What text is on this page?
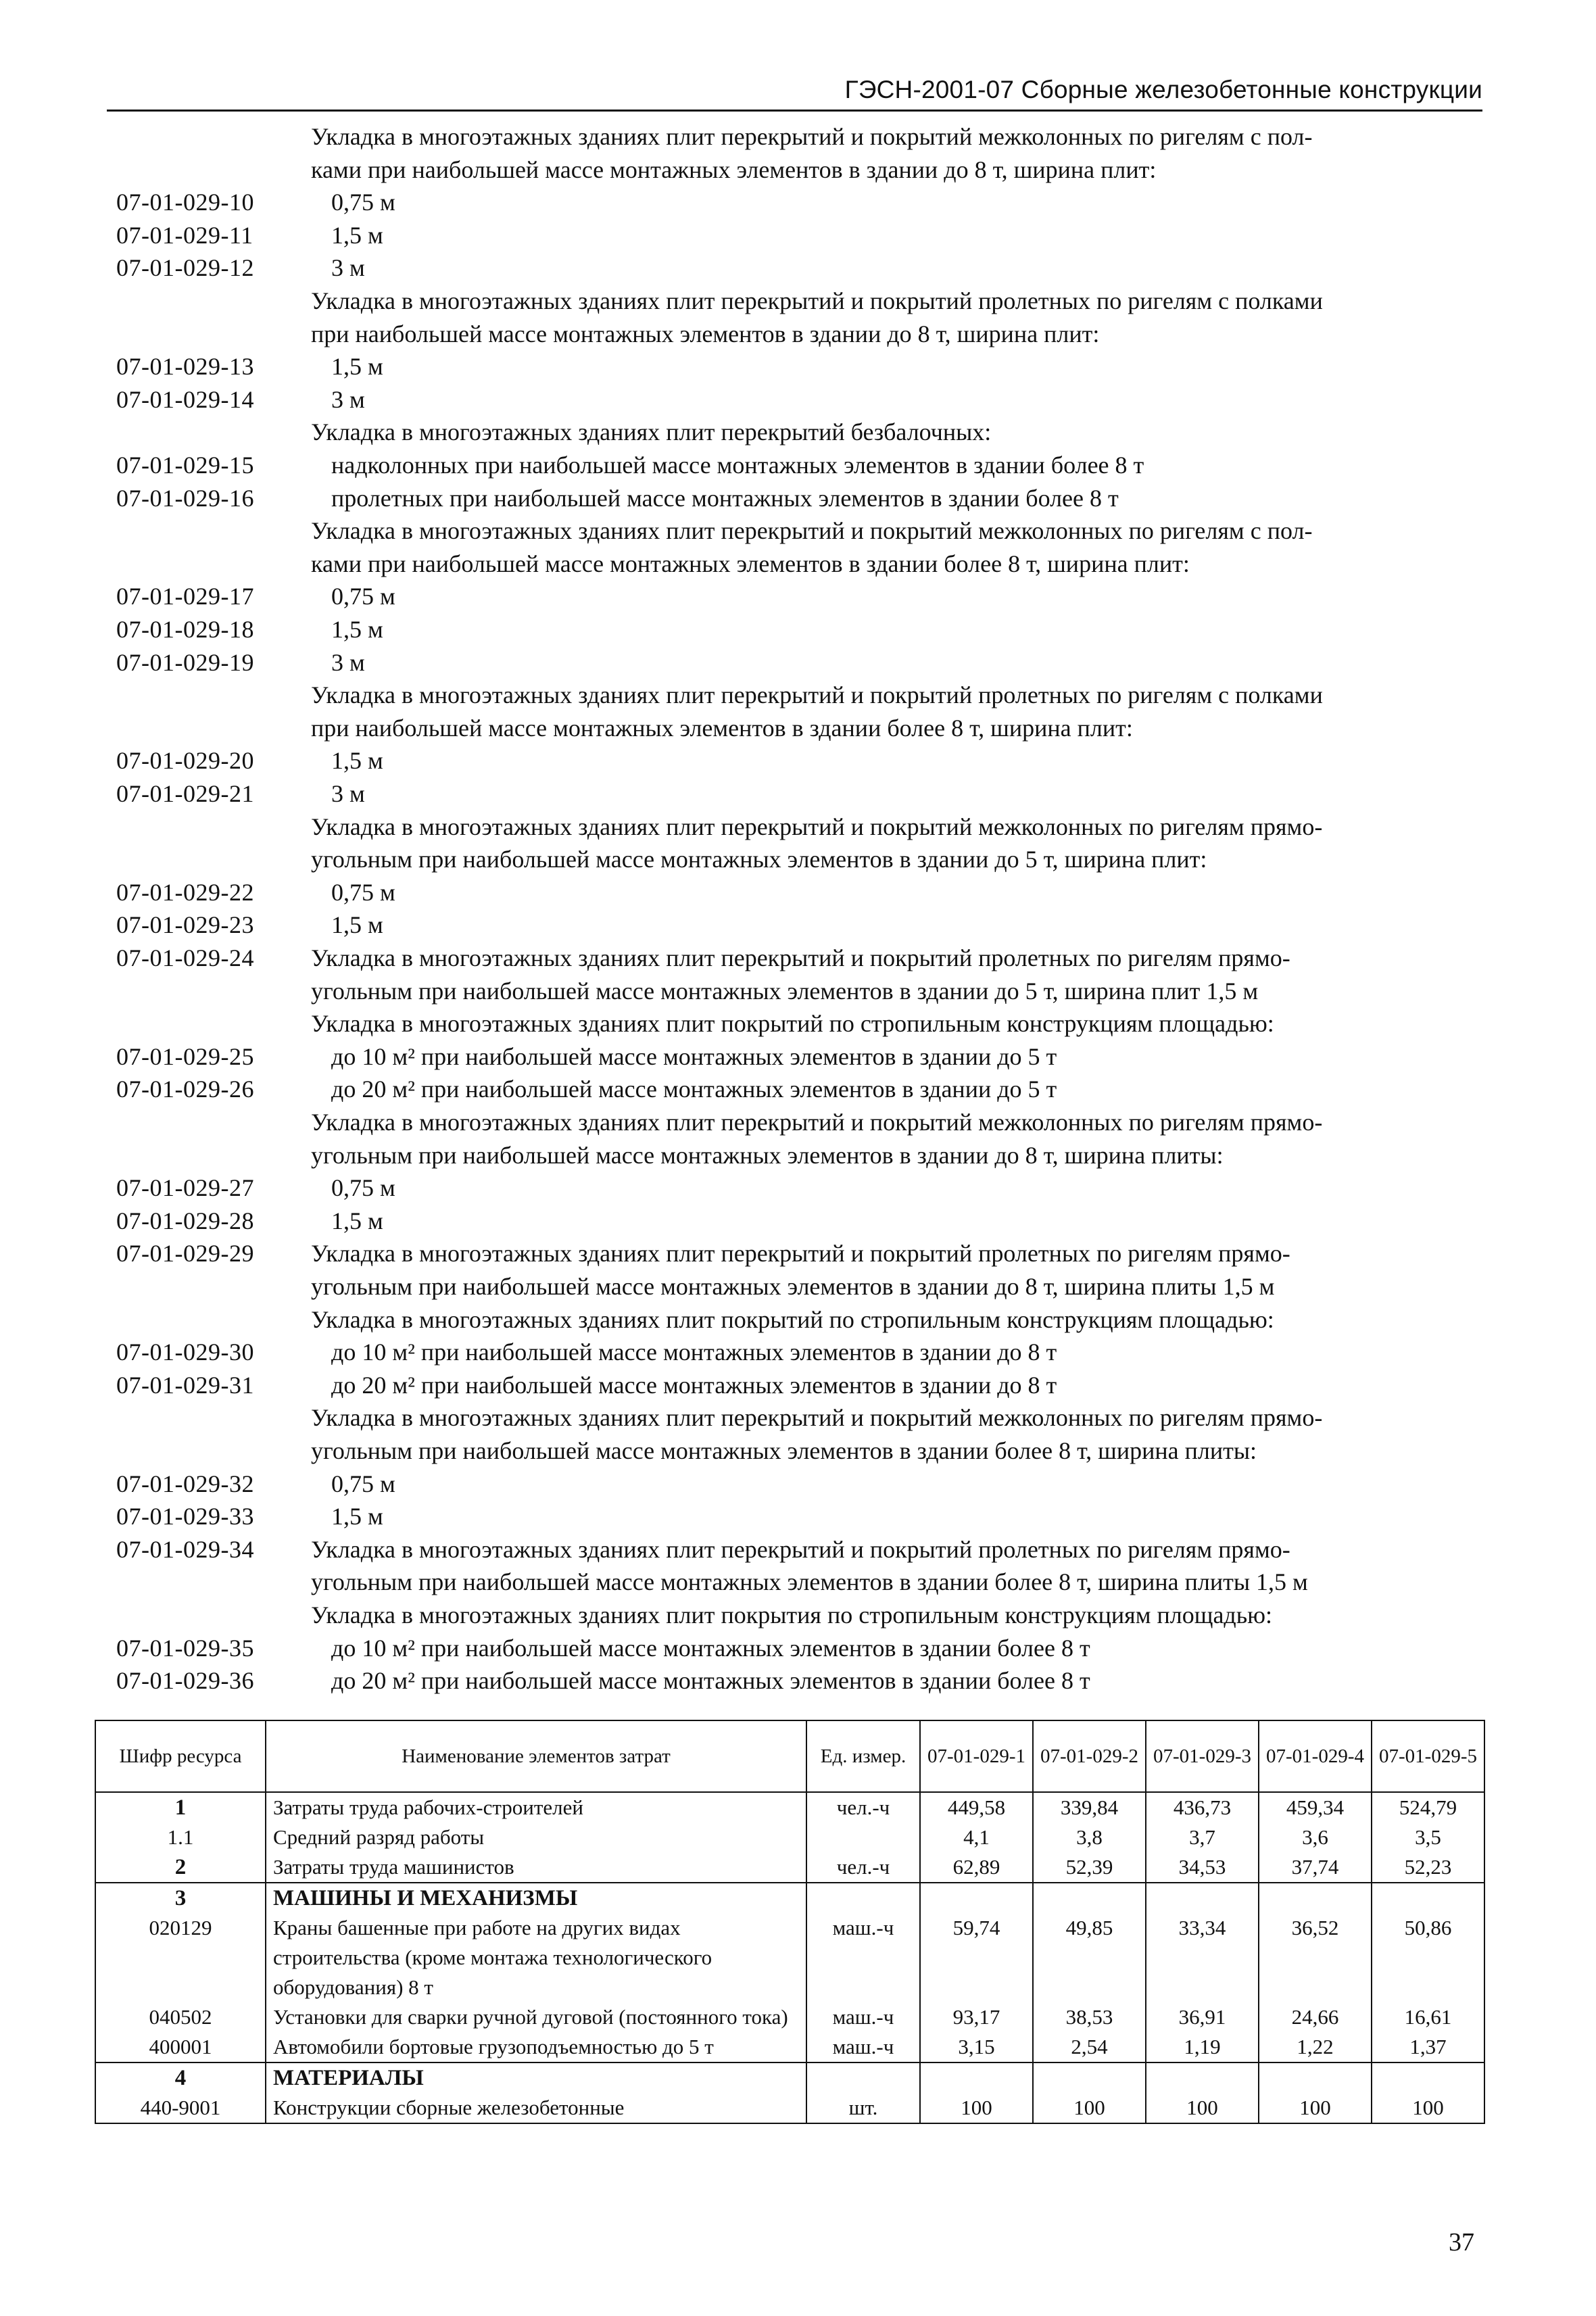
ГЭСН-2001-07 Сборные железобетонные конструкции
Укладка в многоэтажных зданиях плит перекрытий и покрытий межколонных по ригелям с пол-
ками при наибольшей массе монтажных элементов в здании до 8 т, ширина плит:
07-01-029-10	0,75 м
07-01-029-11	1,5 м
07-01-029-12	3 м
Укладка в многоэтажных зданиях плит перекрытий и покрытий пролетных по ригелям с полками
при наибольшей массе монтажных элементов в здании до 8 т, ширина плит:
07-01-029-13	1,5 м
07-01-029-14	3 м
Укладка в многоэтажных зданиях плит перекрытий безбалочных:
07-01-029-15	надколонных при наибольшей массе монтажных элементов в здании более 8 т
07-01-029-16	пролетных при наибольшей массе монтажных элементов в здании более 8 т
Укладка в многоэтажных зданиях плит перекрытий и покрытий межколонных по ригелям с пол-
ками при наибольшей массе монтажных элементов в здании более 8 т, ширина плит:
07-01-029-17	0,75 м
07-01-029-18	1,5 м
07-01-029-19	3 м
Укладка в многоэтажных зданиях плит перекрытий и покрытий пролетных по ригелям с полками
при наибольшей массе монтажных элементов в здании более 8 т, ширина плит:
07-01-029-20	1,5 м
07-01-029-21	3 м
Укладка в многоэтажных зданиях плит перекрытий и покрытий межколонных по ригелям прямо-
угольным при наибольшей массе монтажных элементов в здании до 5 т, ширина плит:
07-01-029-22	0,75 м
07-01-029-23	1,5 м
07-01-029-24	Укладка в многоэтажных зданиях плит перекрытий и покрытий пролетных по ригелям прямо-
угольным при наибольшей массе монтажных элементов в здании до 5 т, ширина плит 1,5 м
Укладка в многоэтажных зданиях плит покрытий по стропильным конструкциям площадью:
07-01-029-25	до 10 м² при наибольшей массе монтажных элементов в здании до 5 т
07-01-029-26	до 20 м² при наибольшей массе монтажных элементов в здании до 5 т
Укладка в многоэтажных зданиях плит перекрытий и покрытий межколонных по ригелям прямо-
угольным при наибольшей массе монтажных элементов в здании до 8 т, ширина плиты:
07-01-029-27	0,75 м
07-01-029-28	1,5 м
07-01-029-29	Укладка в многоэтажных зданиях плит перекрытий и покрытий пролетных по ригелям прямо-
угольным при наибольшей массе монтажных элементов в здании до 8 т, ширина плиты 1,5 м
Укладка в многоэтажных зданиях плит покрытий по стропильным конструкциям площадью:
07-01-029-30	до 10 м² при наибольшей массе монтажных элементов в здании до 8 т
07-01-029-31	до 20 м² при наибольшей массе монтажных элементов в здании до 8 т
Укладка в многоэтажных зданиях плит перекрытий и покрытий межколонных по ригелям прямо-
угольным при наибольшей массе монтажных элементов в здании более 8 т, ширина плиты:
07-01-029-32	0,75 м
07-01-029-33	1,5 м
07-01-029-34	Укладка в многоэтажных зданиях плит перекрытий и покрытий пролетных по ригелям прямо-
угольным при наибольшей массе монтажных элементов в здании более 8 т, ширина плиты 1,5 м
Укладка в многоэтажных зданиях плит покрытия по стропильным конструкциям площадью:
07-01-029-35	до 10 м² при наибольшей массе монтажных элементов в здании более 8 т
07-01-029-36	до 20 м² при наибольшей массе монтажных элементов в здании более 8 т
Шифр ресурса	Наименование элементов затрат	Ед. измер.	07-01-029-1	07-01-029-2	07-01-029-3	07-01-029-4	07-01-029-5
1	Затраты труда рабочих-строителей	чел.-ч	449,58	339,84	436,73	459,34	524,79
1.1	Средний разряд работы		4,1	3,8	3,7	3,6	3,5
2	Затраты труда машинистов	чел.-ч	62,89	52,39	34,53	37,74	52,23
3	МАШИНЫ И МЕХАНИЗМЫ						
020129	Краны башенные при работе на других видах строительства (кроме монтажа технологического оборудования) 8 т	маш.-ч	59,74	49,85	33,34	36,52	50,86
040502	Установки для сварки ручной дуговой (постоянного тока)	маш.-ч	93,17	38,53	36,91	24,66	16,61
400001	Автомобили бортовые грузоподъемностью до 5 т	маш.-ч	3,15	2,54	1,19	1,22	1,37
4	МАТЕРИАЛЫ						
440-9001	Конструкции сборные железобетонные	шт.	100	100	100	100	100
37
